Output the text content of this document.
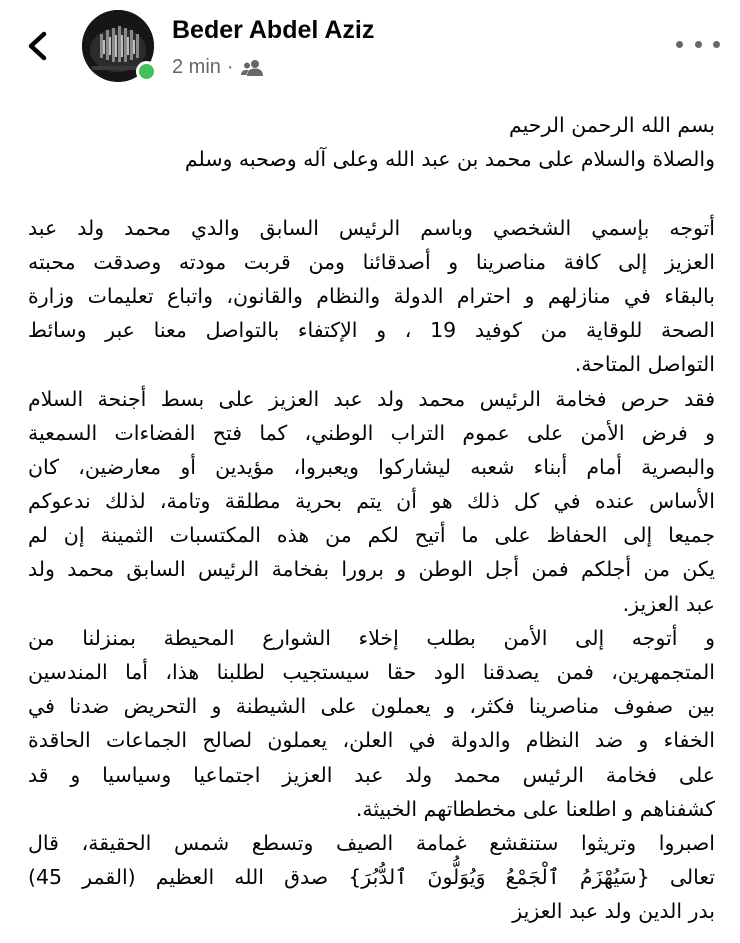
Beder Abdel Aziz
2 min ·
بسم الله الرحمن الرحيم
والصلاة والسلام على محمد بن عبد الله وعلى آله وصحبه وسلم
أتوجه بإسمي الشخصي وباسم الرئيس السابق والدي محمد ولد عبد
العزيز إلى كافة مناصرينا و أصدقائنا ومن قربت مودته وصدقت محبته
بالبقاء في منازلهم و احترام الدولة والنظام والقانون، واتباع تعليمات وزارة
الصحة للوقاية من كوفيد 19 ، و الإكتفاء بالتواصل معنا عبر وسائط
التواصل المتاحة.
فقد حرص فخامة الرئيس محمد ولد عبد العزيز على بسط أجنحة السلام
و فرض الأمن على عموم التراب الوطني، كما فتح الفضاءات السمعية
والبصرية أمام أبناء شعبه ليشاركوا ويعبروا، مؤيدين أو معارضين، كان
الأساس عنده في كل ذلك هو أن يتم بحرية مطلقة وتامة، لذلك ندعوكم
جميعا إلى الحفاظ على ما أتيح لكم من هذه المكتسبات الثمينة إن لم
يكن من أجلكم فمن أجل الوطن و برورا بفخامة الرئيس السابق محمد ولد
عبد العزيز.
و أتوجه إلى الأمن بطلب إخلاء الشوارع المحيطة بمنزلنا من
المتجمهرين، فمن يصدقنا الود حقا سيستجيب لطلبنا هذا، أما المندسين
بين صفوف مناصرينا فكثر، و يعملون على الشيطنة و التحريض ضدنا في
الخفاء و ضد النظام والدولة في العلن، يعملون لصالح الجماعات الحاقدة
على فخامة الرئيس محمد ولد عبد العزيز اجتماعيا وسياسيا و قد
كشفناهم و اطلعنا على مخططاتهم الخبيثة.
اصبروا وتريثوا ستنقشع غمامة الصيف وتسطع شمس الحقيقة، قال
تعالى {سَيُهْزَمُ ٱلْجَمْعُ وَيُوَلُّونَ ٱلدُّبُرَ} صدق الله العظيم (القمر 45)
بدر الدين ولد عبد العزيز
